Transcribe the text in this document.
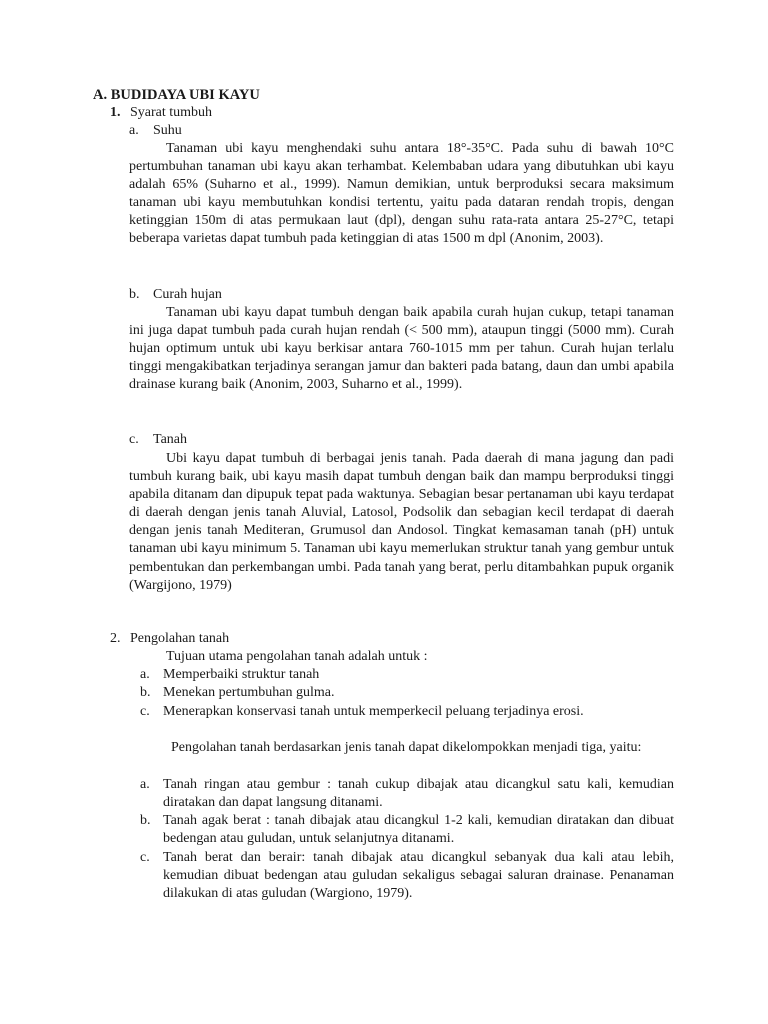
A. BUDIDAYA UBI KAYU

1. Syarat tumbuh

a. Suhu

Tanaman ubi kayu menghendaki suhu antara 18°-35°C. Pada suhu di bawah 10°C pertumbuhan tanaman ubi kayu akan terhambat. Kelembaban udara yang dibutuhkan ubi kayu adalah 65% (Suharno et al., 1999). Namun demikian, untuk berproduksi secara maksimum tanaman ubi kayu membutuhkan kondisi tertentu, yaitu pada dataran rendah tropis, dengan ketinggian 150m di atas permukaan laut (dpl), dengan suhu rata-rata antara 25-27°C, tetapi beberapa varietas dapat tumbuh pada ketinggian di atas 1500 m dpl (Anonim, 2003).

b. Curah hujan

Tanaman ubi kayu dapat tumbuh dengan baik apabila curah hujan cukup, tetapi tanaman ini juga dapat tumbuh pada curah hujan rendah (< 500 mm), ataupun tinggi (5000 mm). Curah hujan optimum untuk ubi kayu berkisar antara 760-1015 mm per tahun. Curah hujan terlalu tinggi mengakibatkan terjadinya serangan jamur dan bakteri pada batang, daun dan umbi apabila drainase kurang baik (Anonim, 2003, Suharno et al., 1999).

c. Tanah

Ubi kayu dapat tumbuh di berbagai jenis tanah. Pada daerah di mana jagung dan padi tumbuh kurang baik, ubi kayu masih dapat tumbuh dengan baik dan mampu berproduksi tinggi apabila ditanam dan dipupuk tepat pada waktunya. Sebagian besar pertanaman ubi kayu terdapat di daerah dengan jenis tanah Aluvial, Latosol, Podsolik dan sebagian kecil terdapat di daerah dengan jenis tanah Mediteran, Grumusol dan Andosol. Tingkat kemasaman tanah (pH) untuk tanaman ubi kayu minimum 5. Tanaman ubi kayu memerlukan struktur tanah yang gembur untuk pembentukan dan perkembangan umbi. Pada tanah yang berat, perlu ditambahkan pupuk organik (Wargijono, 1979)

2. Pengolahan tanah

Tujuan utama pengolahan tanah adalah untuk :

a. Memperbaiki struktur tanah
b. Menekan pertumbuhan gulma.
c. Menerapkan konservasi tanah untuk memperkecil peluang terjadinya erosi.

Pengolahan tanah berdasarkan jenis tanah dapat dikelompokkan menjadi tiga, yaitu:

a. Tanah ringan atau gembur : tanah cukup dibajak atau dicangkul satu kali, kemudian    diratakan dan dapat langsung ditanami.
b. Tanah agak berat : tanah dibajak atau dicangkul 1-2 kali, kemudian diratakan dan dibuat bedengan atau guludan, untuk selanjutnya ditanami.
c. Tanah berat dan berair: tanah dibajak atau dicangkul sebanyak dua kali atau lebih, kemudian dibuat bedengan atau guludan sekaligus sebagai saluran drainase. Penanaman dilakukan di atas guludan (Wargiono, 1979).
